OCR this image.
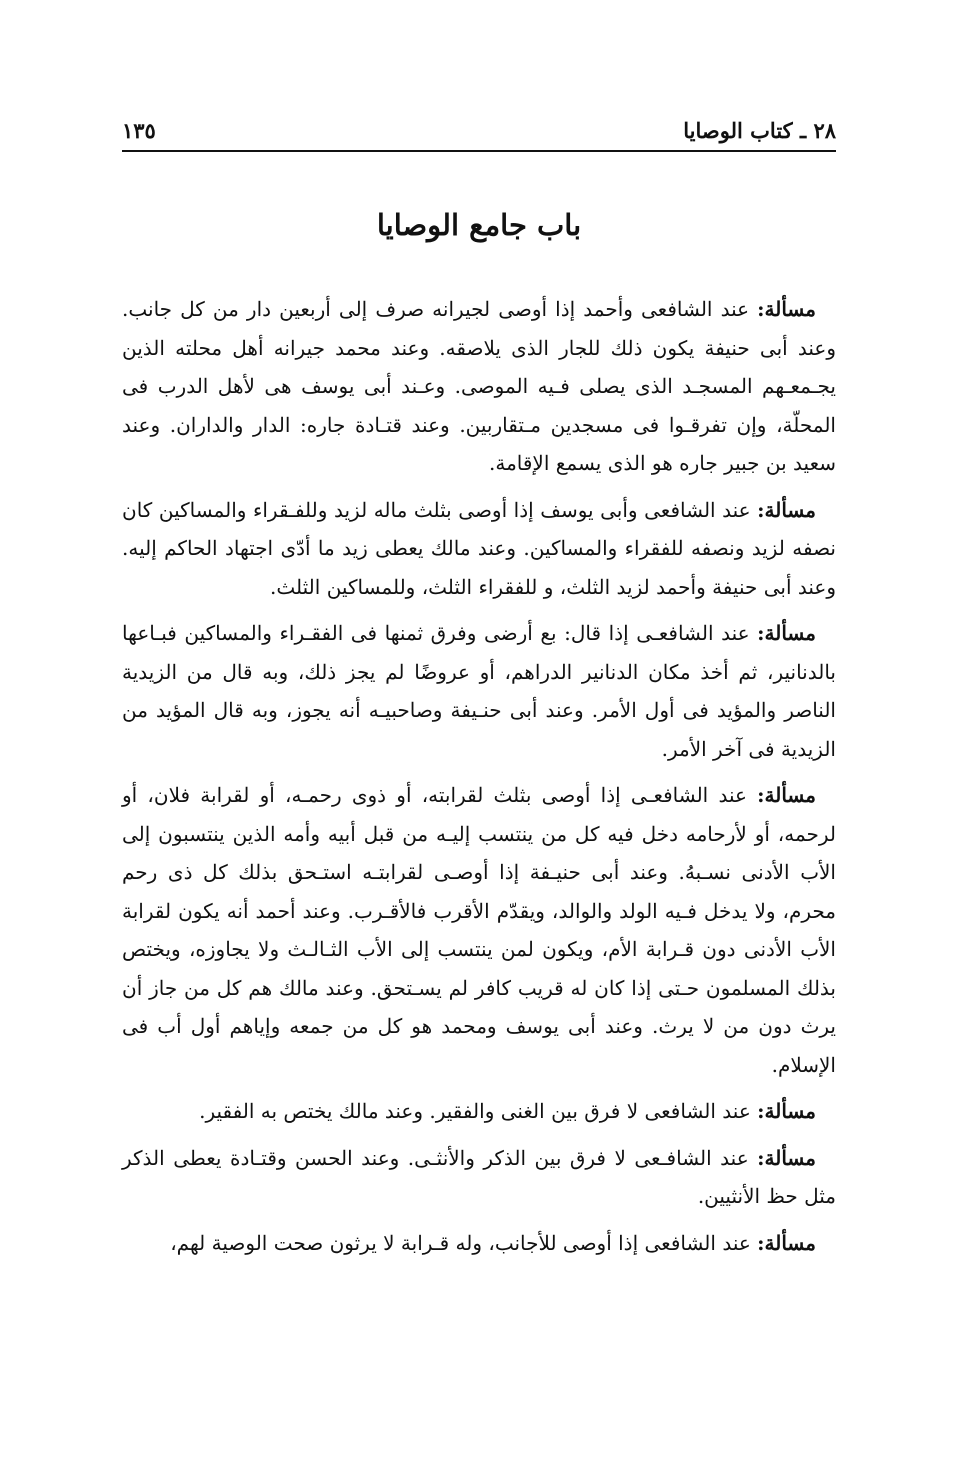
٢٨ ـ كتاب الوصايا
١٣٥
باب جامع الوصايا

مسألة: عند الشافعى وأحمد إذا أوصى لجيرانه صرف إلى أربعين دار من كل جانب. وعند أبى حنيفة يكون ذلك للجار الذى يلاصقه. وعند محمد جيرانه أهل محلته الذين يجـمعـهم المسجـد الذى يصلى فـيه الموصى. وعـند أبى يوسف هى لأهل الدرب فى المحلّة، وإن تفرقـوا فى مسجدين مـتقاربين. وعند قتـادة جاره: الدار والداران. وعند سعيد بن جبير جاره هو الذى يسمع الإقامة.

مسألة: عند الشافعى وأبى يوسف إذا أوصى بثلث ماله لزيد وللفـقراء والمساكين كان نصفه لزيد ونصفه للفقراء والمساكين. وعند مالك يعطى زيد ما أدّى اجتهاد الحاكم إليه. وعند أبى حنيفة وأحمد لزيد الثلث، و للفقراء الثلث، وللمساكين الثلث.

مسألة: عند الشافعـى إذا قال: بع أرضى وفرق ثمنها فى الفقـراء والمساكين فبـاعها بالدنانير، ثم أخذ مكان الدنانير الدراهم، أو عروضًا لم يجز ذلك، وبه قال من الزيدية الناصر والمؤيد فى أول الأمر. وعند أبى حنـيفة وصاحبيـه أنه يجوز، وبه قال المؤيد من الزيدية فى آخر الأمر.

مسألة: عند الشافعـى إذا أوصى بثلث لقرابته، أو ذوى رحمـه، أو لقرابة فلان، أو لرحمه، أو لأرحامه دخل فيه كل من ينتسب إليـه من قبل أبيه وأمه الذين ينتسبون إلى الأب الأدنى نسـبهُ. وعند أبى حنيـفة إذا أوصـى لقرابتـه استـحق بذلك كل ذى رحم محرم، ولا يدخل فـيه الولد والوالد، ويقدّم الأقرب فالأقـرب. وعند أحمد أنه يكون لقرابة الأب الأدنى دون قـرابة الأم، ويكون لمن ينتسب إلى الأب الثـالـث ولا يجاوزه، ويختص بذلك المسلمون حـتى إذا كان له قريب كافر لم يسـتحق. وعند مالك هم كل من جاز أن يرث دون من لا يرث. وعند أبى يوسف ومحمد هو كل من جمعه وإياهم أول أب فى الإسلام.

مسألة: عند الشافعى لا فرق بين الغنى والفقير. وعند مالك يختص به الفقير.

مسألة: عند الشافـعى لا فرق بين الذكر والأنثـى. وعند الحسن وقتـادة يعطى الذكر مثل حظ الأنثيين.

مسألة: عند الشافعى إذا أوصى للأجانب، وله قـرابة لا يرثون صحت الوصية لهم،
